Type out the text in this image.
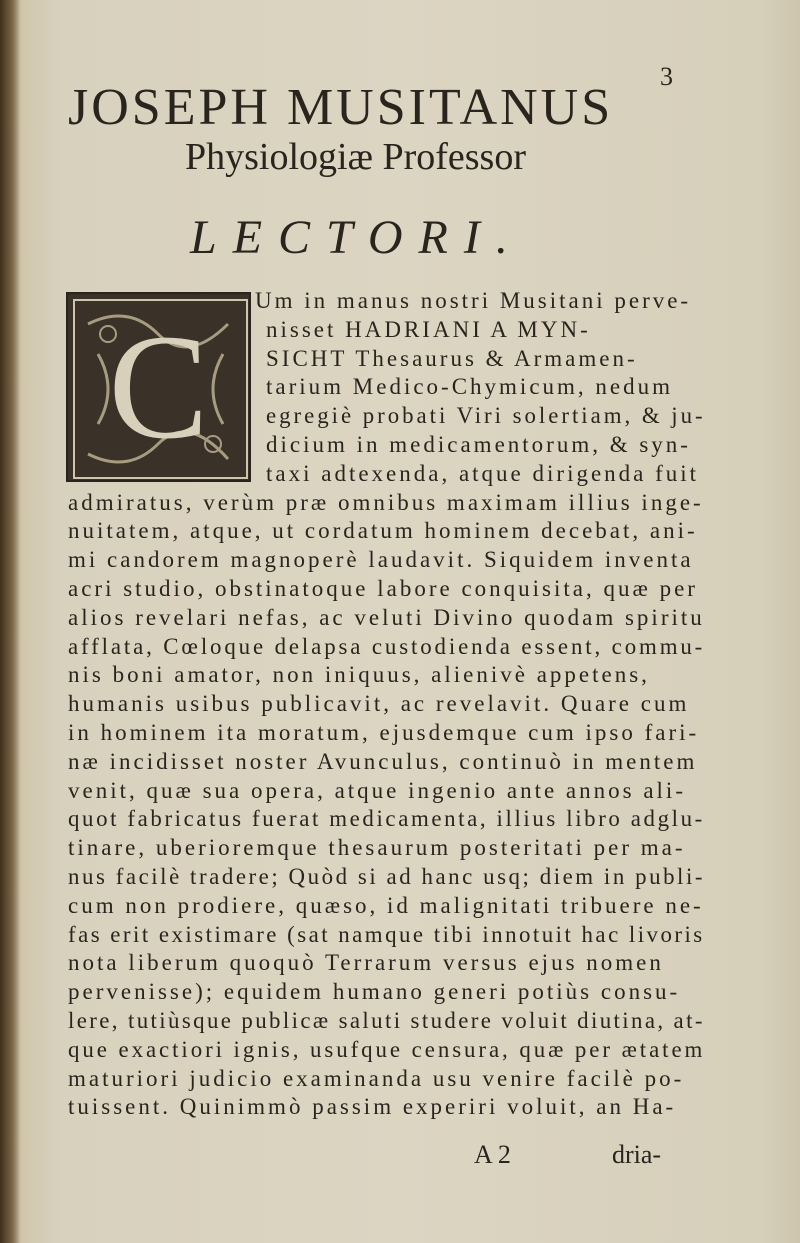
3
JOSEPH MUSITANUS
Physiologiæ Professor
LECTORI.
C
Um in manus nostri Musitani perve-
nisset HADRIANI A MYN-
SICHT Thesaurus & Armamen-
tarium Medico-Chymicum, nedum
egregiè probati Viri solertiam, & ju-
dicium in medicamentorum, & syn-
taxi adtexenda, atque dirigenda fuit
admiratus, verùm præ omnibus maximam illius inge-
nuitatem, atque, ut cordatum hominem decebat, ani-
mi candorem magnoperè laudavit. Siquidem inventa
acri studio, obstinatoque labore conquisita, quæ per
alios revelari nefas, ac veluti Divino quodam spiritu
afflata, Cœloque delapsa custodienda essent, commu-
nis boni amator, non iniquus, alienivè appetens,
humanis usibus publicavit, ac revelavit. Quare cum
in hominem ita moratum, ejusdemque cum ipso fari-
næ incidisset noster Avunculus, continuò in mentem
venit, quæ sua opera, atque ingenio ante annos ali-
quot fabricatus fuerat medicamenta, illius libro adglu-
tinare, uberioremque thesaurum posteritati per ma-
nus facilè tradere; Quòd si ad hanc usq; diem in publi-
cum non prodiere, quæso, id malignitati tribuere ne-
fas erit existimare (sat namque tibi innotuit hac livoris
nota liberum quoquò Terrarum versus ejus nomen
pervenisse); equidem humano generi potiùs consu-
lere, tutiùsque publicæ saluti studere voluit diutina, at-
que exactiori ignis, usufque censura, quæ per ætatem
maturiori judicio examinanda usu venire facilè po-
tuissent. Quinimmò passim experiri voluit, an Ha-
A 2	dria-
